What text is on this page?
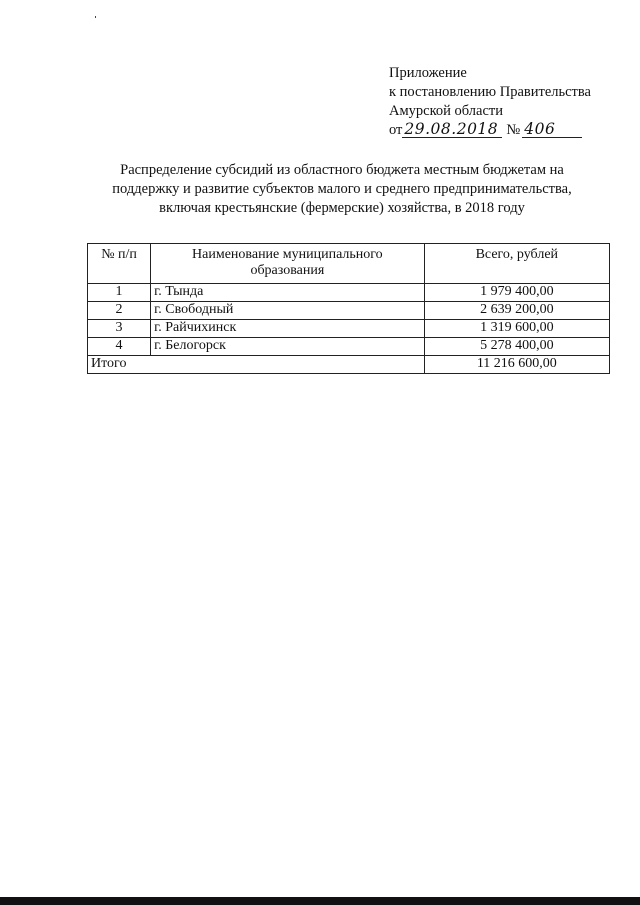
Приложение
к постановлению Правительства
Амурской области
от 29.08.2018 № 406
Распределение субсидий из областного бюджета местным бюджетам на
поддержку и развитие субъектов малого и среднего предпринимательства,
включая крестьянские (фермерские) хозяйства, в 2018 году
№ п/п	Наименование муниципального образования	Всего, рублей
1	г. Тында	1 979 400,00
2	г. Свободный	2 639 200,00
3	г. Райчихинск	1 319 600,00
4	г. Белогорск	5 278 400,00
Итого		11 216 600,00
